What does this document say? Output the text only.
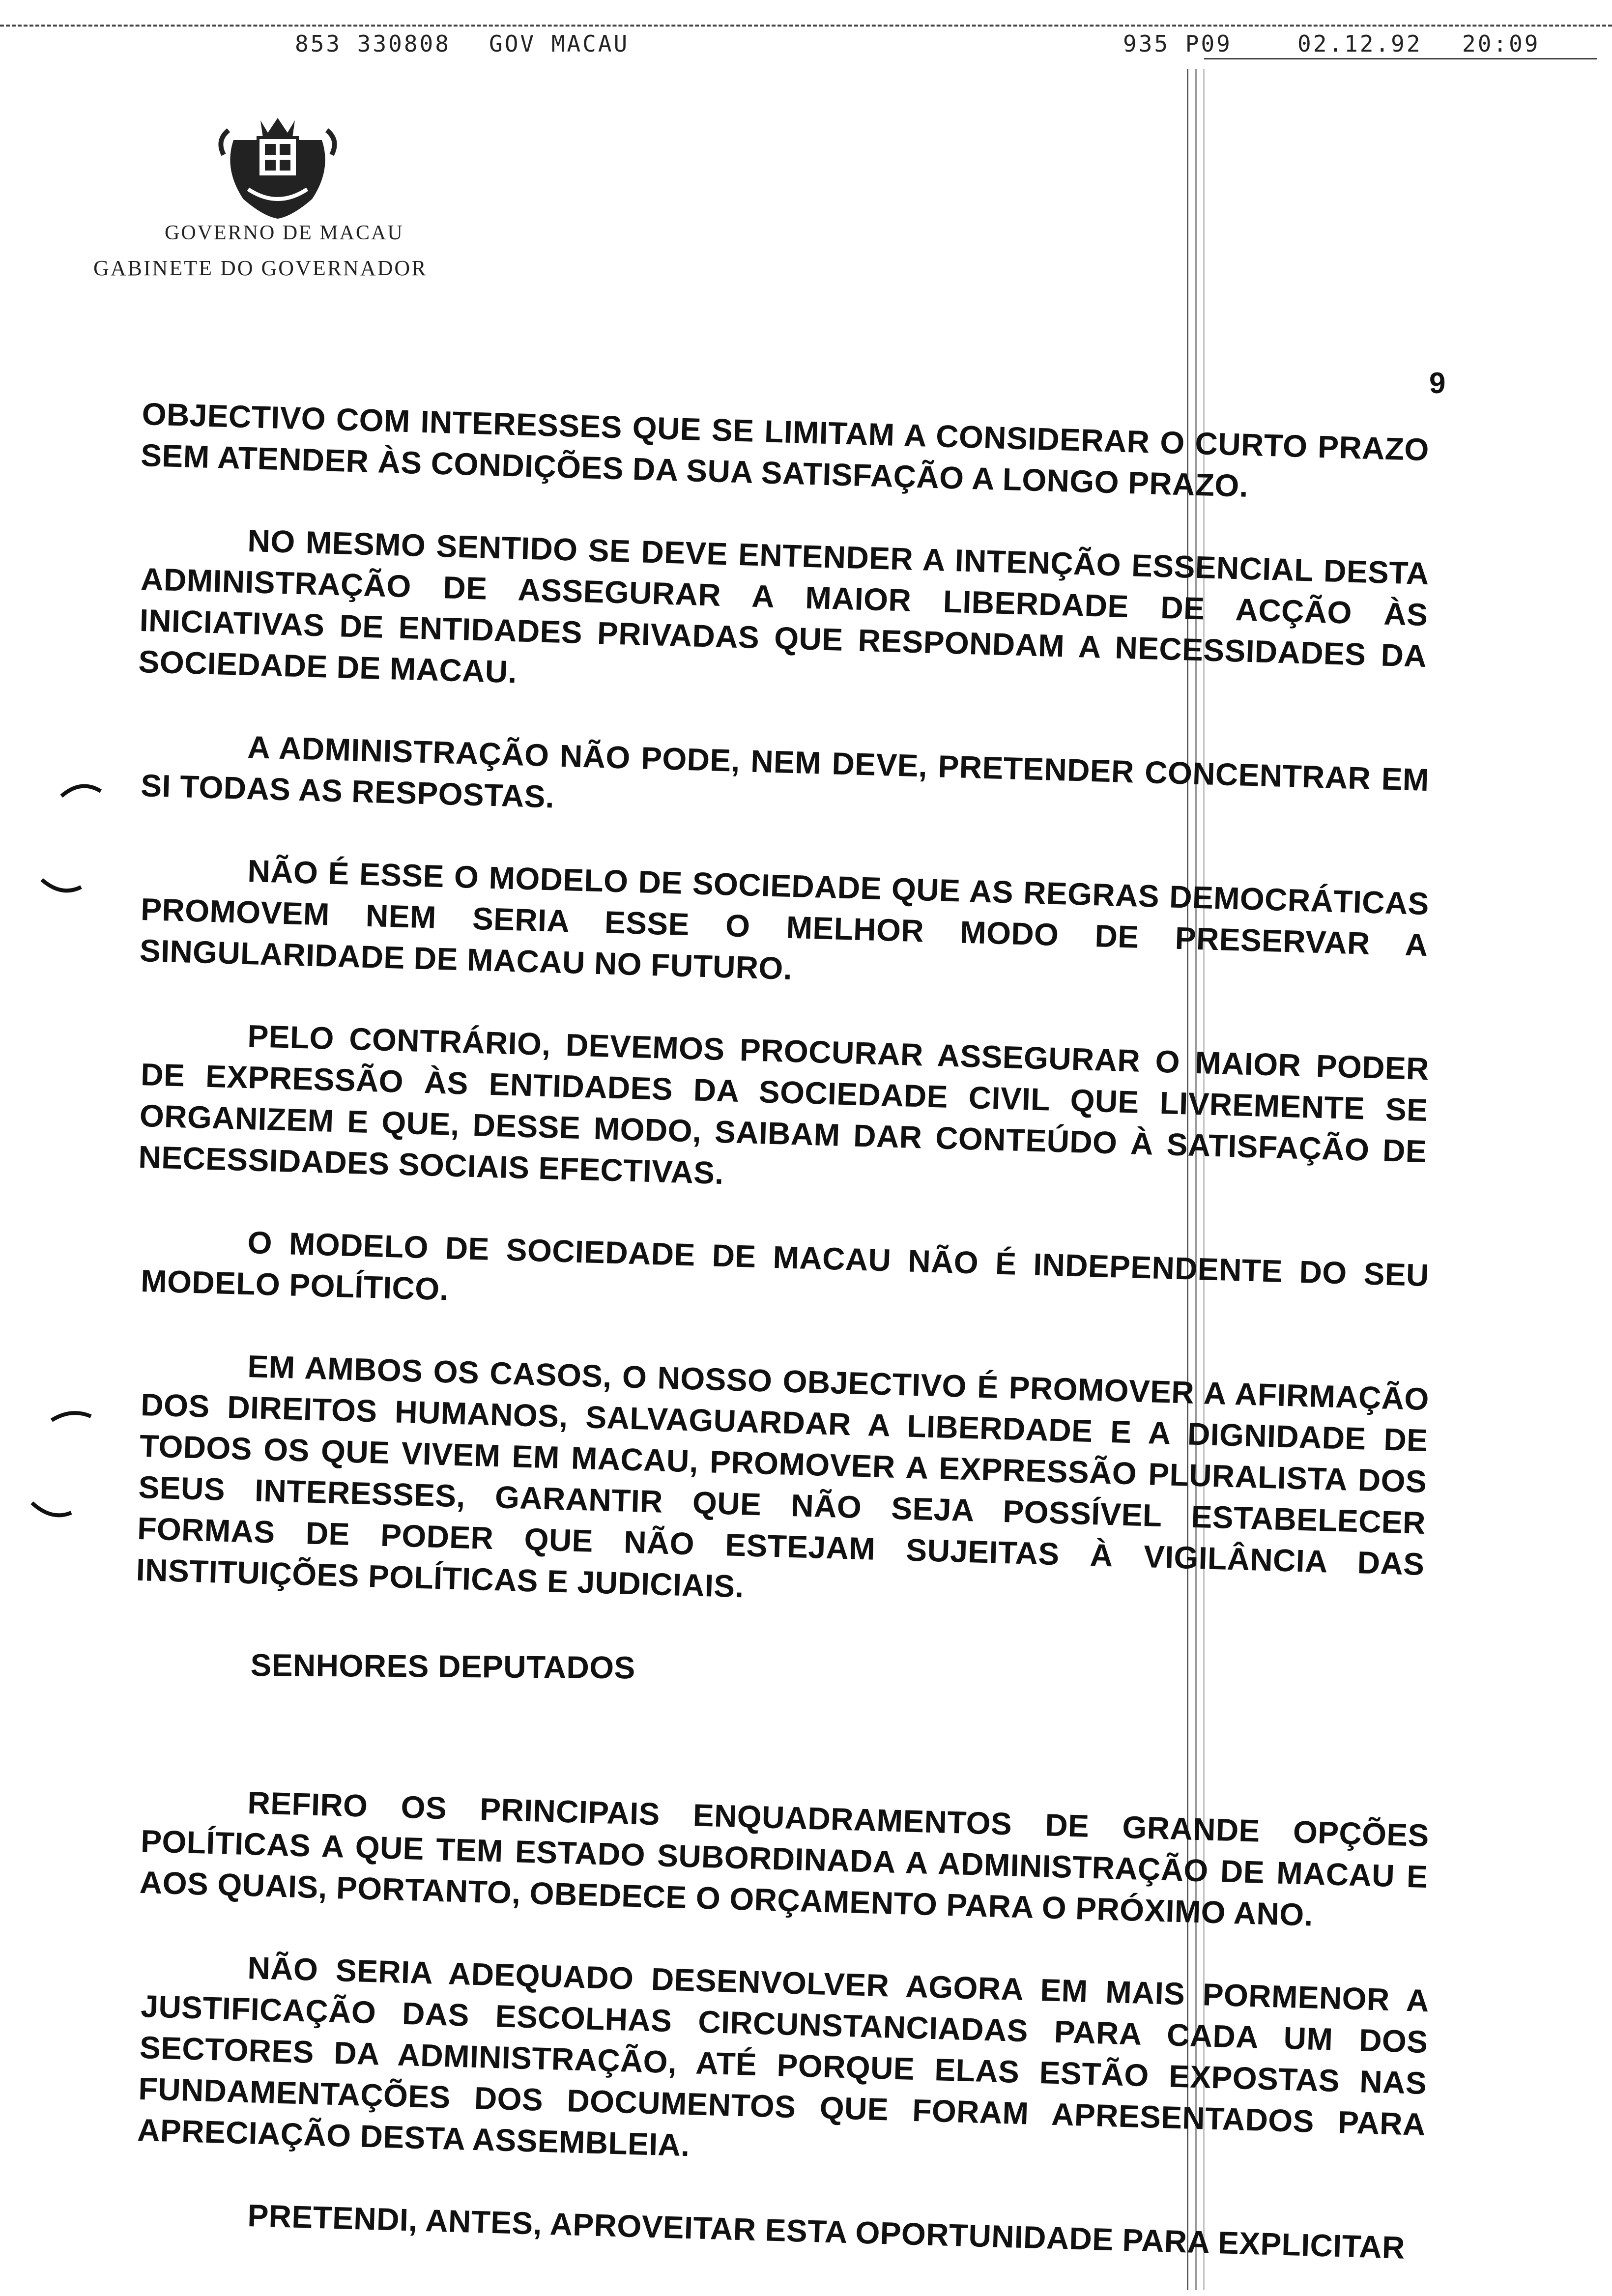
853 330808 GOV MACAU	935 P09	02.12.92 20:09
GOVERNO DE MACAU
GABINETE DO GOVERNADOR
9

OBJECTIVO COM INTERESSES QUE SE LIMITAM A CONSIDERAR O CURTO PRAZO SEM ATENDER ÀS CONDIÇÕES DA SUA SATISFAÇÃO A LONGO PRAZO.

NO MESMO SENTIDO SE DEVE ENTENDER A INTENÇÃO ESSENCIAL DESTA ADMINISTRAÇÃO DE ASSEGURAR A MAIOR LIBERDADE DE ACÇÃO ÀS INICIATIVAS DE ENTIDADES PRIVADAS QUE RESPONDAM A NECESSIDADES DA SOCIEDADE DE MACAU.

A ADMINISTRAÇÃO NÃO PODE, NEM DEVE, PRETENDER CONCENTRAR EM SI TODAS AS RESPOSTAS.

NÃO É ESSE O MODELO DE SOCIEDADE QUE AS REGRAS DEMOCRÁTICAS PROMOVEM NEM SERIA ESSE O MELHOR MODO DE PRESERVAR A SINGULARIDADE DE MACAU NO FUTURO.

PELO CONTRÁRIO, DEVEMOS PROCURAR ASSEGURAR O MAIOR PODER DE EXPRESSÃO ÀS ENTIDADES DA SOCIEDADE CIVIL QUE LIVREMENTE SE ORGANIZEM E QUE, DESSE MODO, SAIBAM DAR CONTEÚDO À SATISFAÇÃO DE NECESSIDADES SOCIAIS EFECTIVAS.

O MODELO DE SOCIEDADE DE MACAU NÃO É INDEPENDENTE DO SEU MODELO POLÍTICO.

EM AMBOS OS CASOS, O NOSSO OBJECTIVO É PROMOVER A AFIRMAÇÃO DOS DIREITOS HUMANOS, SALVAGUARDAR A LIBERDADE E A DIGNIDADE DE TODOS OS QUE VIVEM EM MACAU, PROMOVER A EXPRESSÃO PLURALISTA DOS SEUS INTERESSES, GARANTIR QUE NÃO SEJA POSSÍVEL ESTABELECER FORMAS DE PODER QUE NÃO ESTEJAM SUJEITAS À VIGILÂNCIA DAS INSTITUIÇÕES POLÍTICAS E JUDICIAIS.

SENHORES DEPUTADOS

REFIRO OS PRINCIPAIS ENQUADRAMENTOS DE GRANDE OPÇÕES POLÍTICAS A QUE TEM ESTADO SUBORDINADA A ADMINISTRAÇÃO DE MACAU E AOS QUAIS, PORTANTO, OBEDECE O ORÇAMENTO PARA O PRÓXIMO ANO.

NÃO SERIA ADEQUADO DESENVOLVER AGORA EM MAIS PORMENOR A JUSTIFICAÇÃO DAS ESCOLHAS CIRCUNSTANCIADAS PARA CADA UM DOS SECTORES DA ADMINISTRAÇÃO, ATÉ PORQUE ELAS ESTÃO EXPOSTAS NAS FUNDAMENTAÇÕES DOS DOCUMENTOS QUE FORAM APRESENTADOS PARA APRECIAÇÃO DESTA ASSEMBLEIA.

PRETENDI, ANTES, APROVEITAR ESTA OPORTUNIDADE PARA EXPLICITAR
